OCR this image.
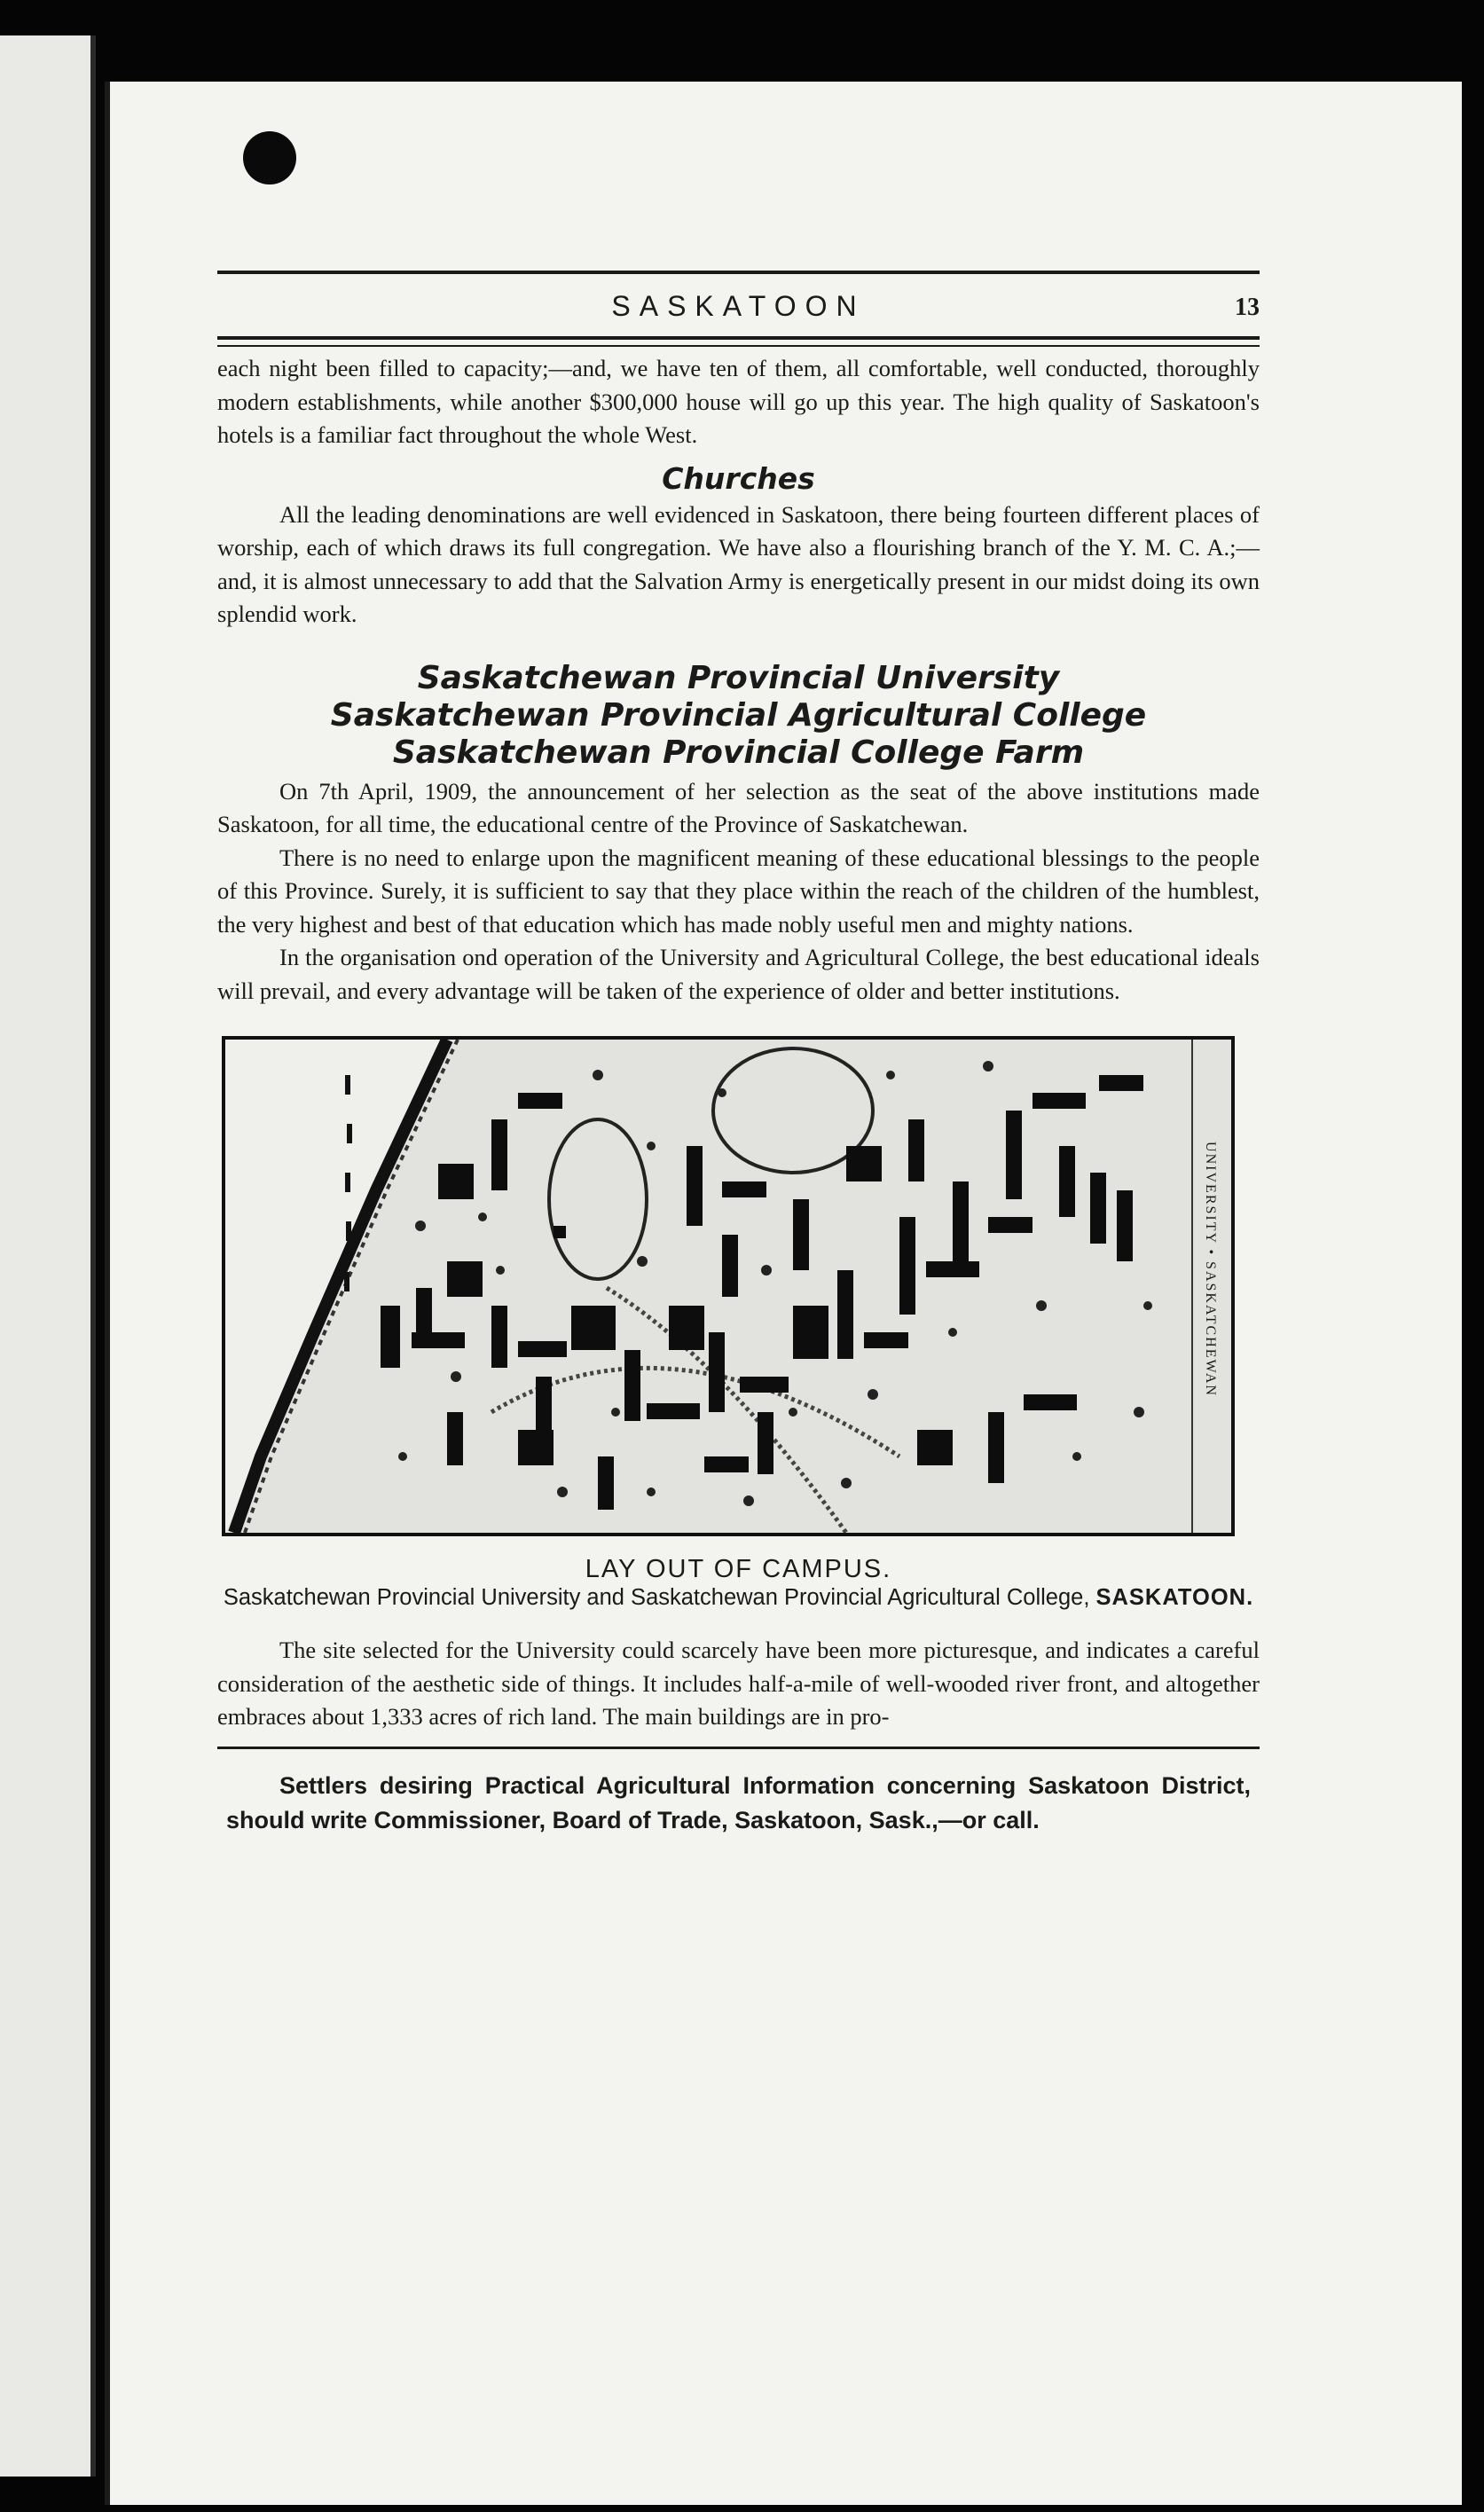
SASKATOON	13

each night been filled to capacity;—and, we have ten of them, all comfortable, well conducted, thoroughly modern establishments, while another $300,000 house will go up this year. The high quality of Saskatoon's hotels is a familiar fact throughout the whole West.

Churches

All the leading denominations are well evidenced in Saskatoon, there being fourteen different places of worship, each of which draws its full congregation. We have also a flourishing branch of the Y. M. C. A.;—and, it is almost unnecessary to add that the Salvation Army is energetically present in our midst doing its own splendid work.

Saskatchewan Provincial University
Saskatchewan Provincial Agricultural College
Saskatchewan Provincial College Farm

On 7th April, 1909, the announcement of her selection as the seat of the above institutions made Saskatoon, for all time, the educational centre of the Province of Saskatchewan.

There is no need to enlarge upon the magnificent meaning of these educational blessings to the people of this Province. Surely, it is sufficient to say that they place within the reach of the children of the humblest, the very highest and best of that education which has made nobly useful men and mighty nations.

In the organisation ond operation of the University and Agricultural College, the best educational ideals will prevail, and every advantage will be taken of the experience of older and better institutions.

UNIVERSITY • SASKATCHEWAN
LAY OUT OF CAMPUS.
Saskatchewan Provincial University and Saskatchewan Provincial Agricultural College, SASKATOON.

The site selected for the University could scarcely have been more picturesque, and indicates a careful consideration of the aesthetic side of things. It includes half-a-mile of well-wooded river front, and altogether embraces about 1,333 acres of rich land. The main buildings are in pro-

Settlers desiring Practical Agricultural Information concerning Saskatoon District, should write Commissioner, Board of Trade, Saskatoon, Sask.,—or call.
